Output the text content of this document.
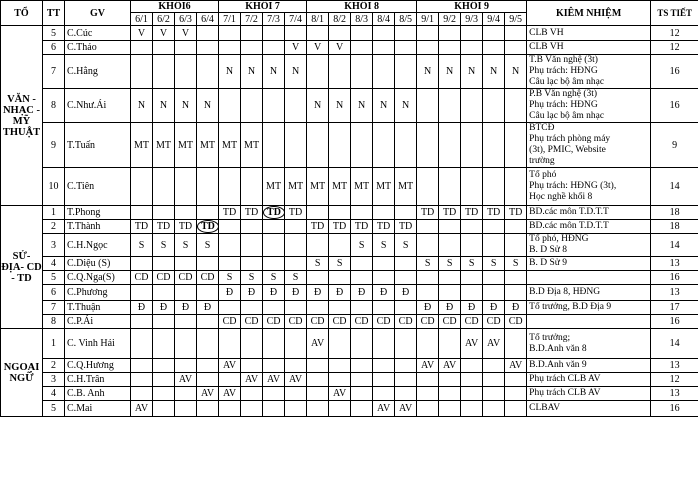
TỔ	TT	GV	KHỐI6				KHỐI 7				KHỐI 8					KHỐI 9					KIÊM NHIỆM	TS TIẾT
			6/1	6/2	6/3	6/4	7/1	7/2	7/3	7/4	8/1	8/2	8/3	8/4	8/5	9/1	9/2	9/3	9/4	9/5		
VĂN - NHẠC - MỸ THUẬT	5	C.Cúc	V	V	V																CLB VH	12
	6	C.Thảo								V	V	V									CLB VH	12
	7	C.Hằng					N	N	N	N						N	N	N	N	N	T.B Văn nghệ (3t)
Phụ trách: HĐNG
Câu lạc bộ âm nhạc	16
	8	C.Như.Ái	N	N	N	N					N	N	N	N	N						P.B Văn nghệ (3t)
Phụ trách: HĐNG
Câu lạc bộ âm nhạc	16
	9	T.Tuấn	MT	MT	MT	MT	MT	MT													BTCĐ
Phụ trách phòng máy
(3t), PMIC, Website
trường	9
	10	C.Tiên							MT	MT	MT	MT	MT	MT	MT						Tổ phó
Phụ trách: HĐNG (3t),
Học nghề khối 8	14
SỬ- ĐỊA- CD - TD	1	T.Phong					TD	TD	TD	TD						TD	TD	TD	TD	TD	BD.các môn T.D.T.T	18
	2	T.Thành	TD	TD	TD	TD					TD	TD	TD	TD	TD						BD.các môn T.D.T.T	18
	3	C.H.Ngọc	S	S	S	S							S	S	S						Tổ phó, HĐNG
B. D Sử 8	14
	4	C.Diệu (S)									S	S				S	S	S	S	S	B. D Sử 9	13
	5	C.Q.Nga(S)	CD	CD	CD	CD	S	S	S	S												16
	6	C.Phương					Đ	Đ	Đ	Đ	Đ	Đ	Đ	Đ	Đ						B.D Địa 8, HĐNG	13
	7	T.Thuận	Đ	Đ	Đ	Đ										Đ	Đ	Đ	Đ	Đ	Tổ trưởng, B.D Địa 9	17
	8	C.P.Ái					CD	CD	CD	CD	CD	CD	CD	CD	CD	CD	CD	CD	CD	CD		16
NGOẠI NGỮ	1	C. Vinh Hải									AV							AV	AV		Tổ trưởng;
B.D.Anh văn 8	14
	2	C.Q.Hương					AV									AV	AV			AV	B.D.Anh văn 9	13
	3	C.H.Trân			AV			AV	AV	AV											Phụ trách CLB AV	12
	4	C.B. Anh				AV	AV					AV									Phụ trách CLB AV	13
	5	C.Mai	AV											AV	AV						CLBAV	16
